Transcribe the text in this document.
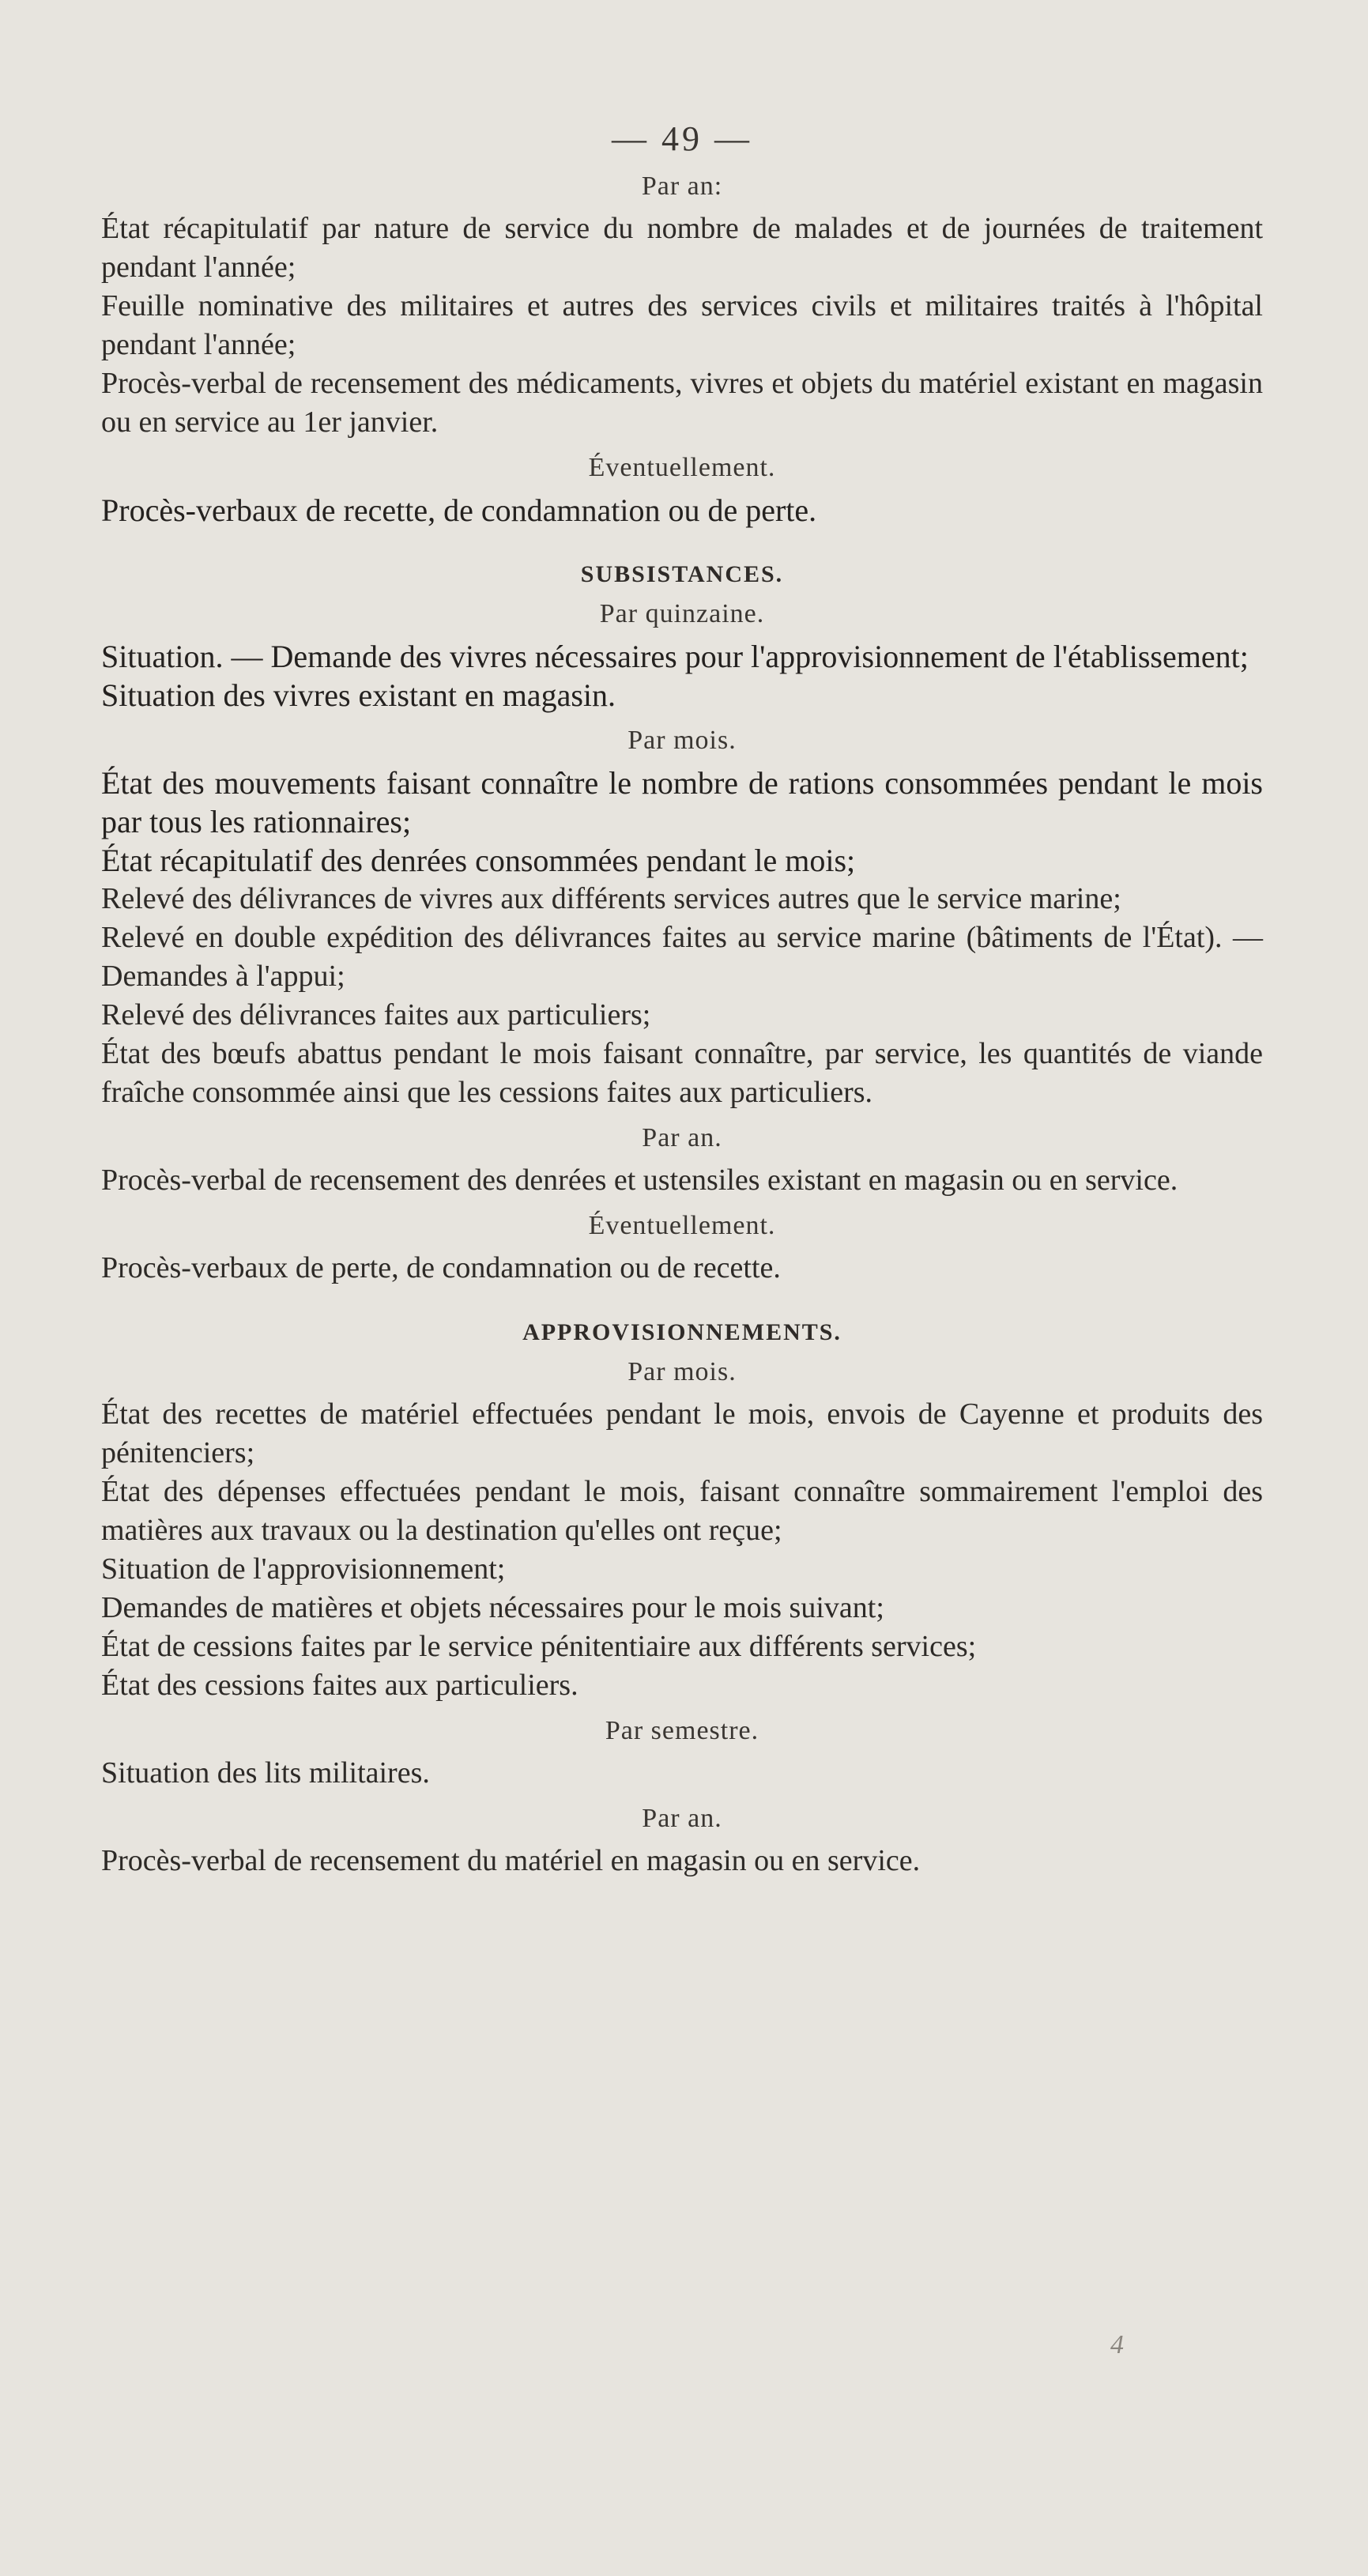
— 49 —
Par an:

État récapitulatif par nature de service du nombre de malades et de journées de traitement pendant l'année;

Feuille nominative des militaires et autres des services civils et militaires traités à l'hôpital pendant l'année;

Procès-verbal de recensement des médicaments, vivres et objets du matériel existant en magasin ou en service au 1er janvier.

Éventuellement.

Procès-verbaux de recette, de condamnation ou de perte.

SUBSISTANCES.
Par quinzaine.

Situation. — Demande des vivres nécessaires pour l'approvisionnement de l'établissement;

Situation des vivres existant en magasin.

Par mois.

État des mouvements faisant connaître le nombre de rations consommées pendant le mois par tous les rationnaires;

État récapitulatif des denrées consommées pendant le mois;

Relevé des délivrances de vivres aux différents services autres que le service marine;

Relevé en double expédition des délivrances faites au service marine (bâtiments de l'État). — Demandes à l'appui;

Relevé des délivrances faites aux particuliers;

État des bœufs abattus pendant le mois faisant connaître, par service, les quantités de viande fraîche consommée ainsi que les cessions faites aux particuliers.

Par an.

Procès-verbal de recensement des denrées et ustensiles existant en magasin ou en service.

Éventuellement.

Procès-verbaux de perte, de condamnation ou de recette.

APPROVISIONNEMENTS.
Par mois.

État des recettes de matériel effectuées pendant le mois, envois de Cayenne et produits des pénitenciers;

État des dépenses effectuées pendant le mois, faisant connaître sommairement l'emploi des matières aux travaux ou la destination qu'elles ont reçue;

Situation de l'approvisionnement;

Demandes de matières et objets nécessaires pour le mois suivant;

État de cessions faites par le service pénitentiaire aux différents services;

État des cessions faites aux particuliers.

Par semestre.

Situation des lits militaires.

Par an.

Procès-verbal de recensement du matériel en magasin ou en service.

4
